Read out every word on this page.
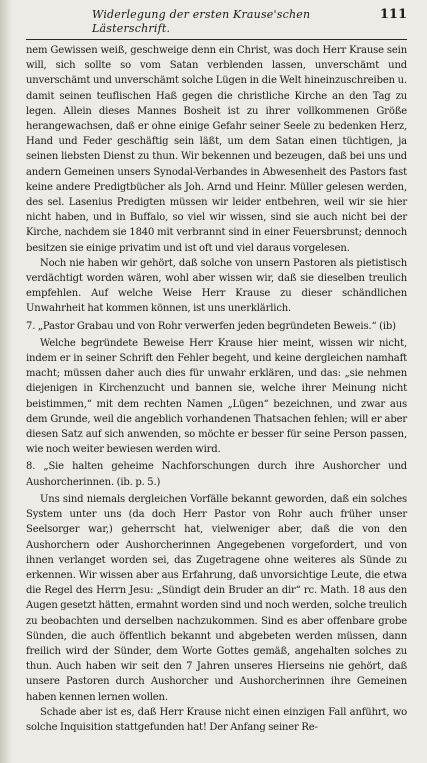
Widerlegung der ersten Krause'schen Lästerschrift.
111

nem Gewissen weiß, geschweige denn ein Christ, was doch Herr Krause sein will, sich sollte so vom Satan verblenden lassen, unverschämt und unverschämt und unverschämt solche Lügen in die Welt hineinzuschreiben u. damit seinen teuflischen Haß gegen die christliche Kirche an den Tag zu legen. Allein dieses Mannes Bosheit ist zu ihrer vollkommenen Größe herangewachsen, daß er ohne einige Gefahr seiner Seele zu bedenken Herz, Hand und Feder geschäftig sein läßt, um dem Satan einen tüchtigen, ja seinen liebsten Dienst zu thun. Wir bekennen und bezeugen, daß bei uns und andern Gemeinen unsers Synodal-Verbandes in Abwesenheit des Pastors fast keine andere Predigtbücher als Joh. Arnd und Heinr. Müller gelesen werden, des sel. Lasenius Predigten müssen wir leider entbehren, weil wir sie hier nicht haben, und in Buffalo, so viel wir wissen, sind sie auch nicht bei der Kirche, nachdem sie 1840 mit verbrannt sind in einer Feuersbrunst; dennoch besitzen sie einige privatim und ist oft und viel daraus vorgelesen.

Noch nie haben wir gehört, daß solche von unsern Pastoren als pietistisch verdächtigt worden wären, wohl aber wissen wir, daß sie dieselben treulich empfehlen. Auf welche Weise Herr Krause zu dieser schändlichen Unwahrheit hat kommen können, ist uns unerklärlich.

7. „Pastor Grabau und von Rohr verwerfen jeden begründeten Beweis.“ (ib)

Welche begründete Beweise Herr Krause hier meint, wissen wir nicht, indem er in seiner Schrift den Fehler begeht, und keine dergleichen namhaft macht; müssen daher auch dies für unwahr erklären, und das: „sie nehmen diejenigen in Kirchenzucht und bannen sie, welche ihrer Meinung nicht beistimmen,“ mit dem rechten Namen „Lügen“ bezeichnen, und zwar aus dem Grunde, weil die angeblich vorhandenen Thatsachen fehlen; will er aber diesen Satz auf sich anwenden, so möchte er besser für seine Person passen, wie noch weiter bewiesen werden wird.

8. „Sie halten geheime Nachforschungen durch ihre Aushorcher und Aushorcherinnen. (ib. p. 5.)

Uns sind niemals dergleichen Vorfälle bekannt geworden, daß ein solches System unter uns (da doch Herr Pastor von Rohr auch früher unser Seelsorger war,) geherrscht hat, vielweniger aber, daß die von den Aushorchern oder Aushorcherinnen Angegebenen vorgefordert, und von ihnen verlanget worden sei, das Zugetragene ohne weiteres als Sünde zu erkennen. Wir wissen aber aus Erfahrung, daß unvorsichtige Leute, die etwa die Regel des Herrn Jesu: „Sündigt dein Bruder an dir“ rc. Math. 18 aus den Augen gesetzt hätten, ermahnt worden sind und noch werden, solche treulich zu beobachten und derselben nachzukommen. Sind es aber offenbare grobe Sünden, die auch öffentlich bekannt und abgebeten werden müssen, dann freilich wird der Sünder, dem Worte Gottes gemäß, angehalten solches zu thun. Auch haben wir seit den 7 Jahren unseres Hierseins nie gehört, daß unsere Pastoren durch Aushorcher und Aushorcherinnen ihre Gemeinen haben kennen lernen wollen.

Schade aber ist es, daß Herr Krause nicht einen einzigen Fall anführt, wo solche Inquisition stattgefunden hat! Der Anfang seiner Re-
